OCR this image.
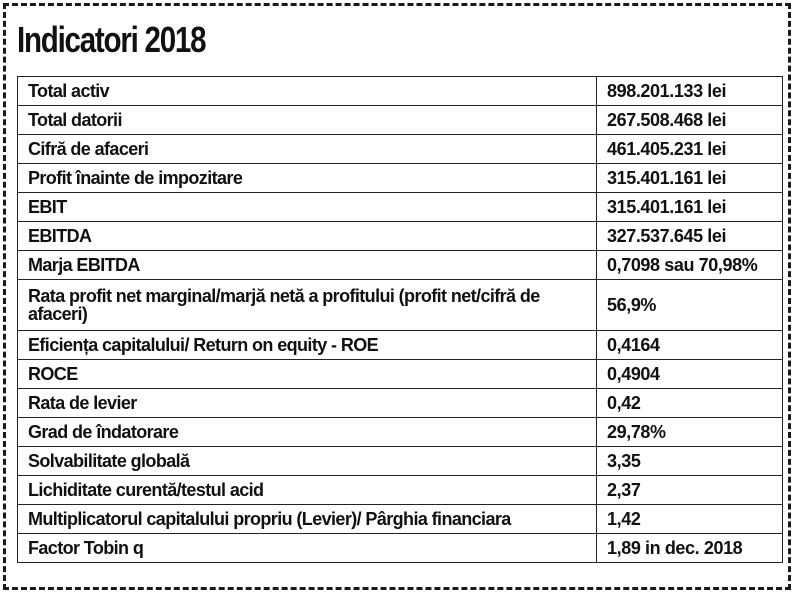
Indicatori 2018
Total activ	898.201.133 lei
Total datorii	267.508.468 lei
Cifră de afaceri	461.405.231 lei
Profit înainte de impozitare	315.401.161 lei
EBIT	315.401.161 lei
EBITDA	327.537.645 lei
Marja EBITDA	0,7098 sau 70,98%
Rata profit net marginal/marjă netă a profitului (profit net/cifră de afaceri)	56,9%
Eficiența capitalului/ Return on equity - ROE	0,4164
ROCE	0,4904
Rata de levier	0,42
Grad de îndatorare	29,78%
Solvabilitate globală	3,35
Lichiditate curentă/testul acid	2,37
Multiplicatorul capitalului propriu (Levier)/ Pârghia financiara	1,42
Factor Tobin q	1,89 in dec. 2018
